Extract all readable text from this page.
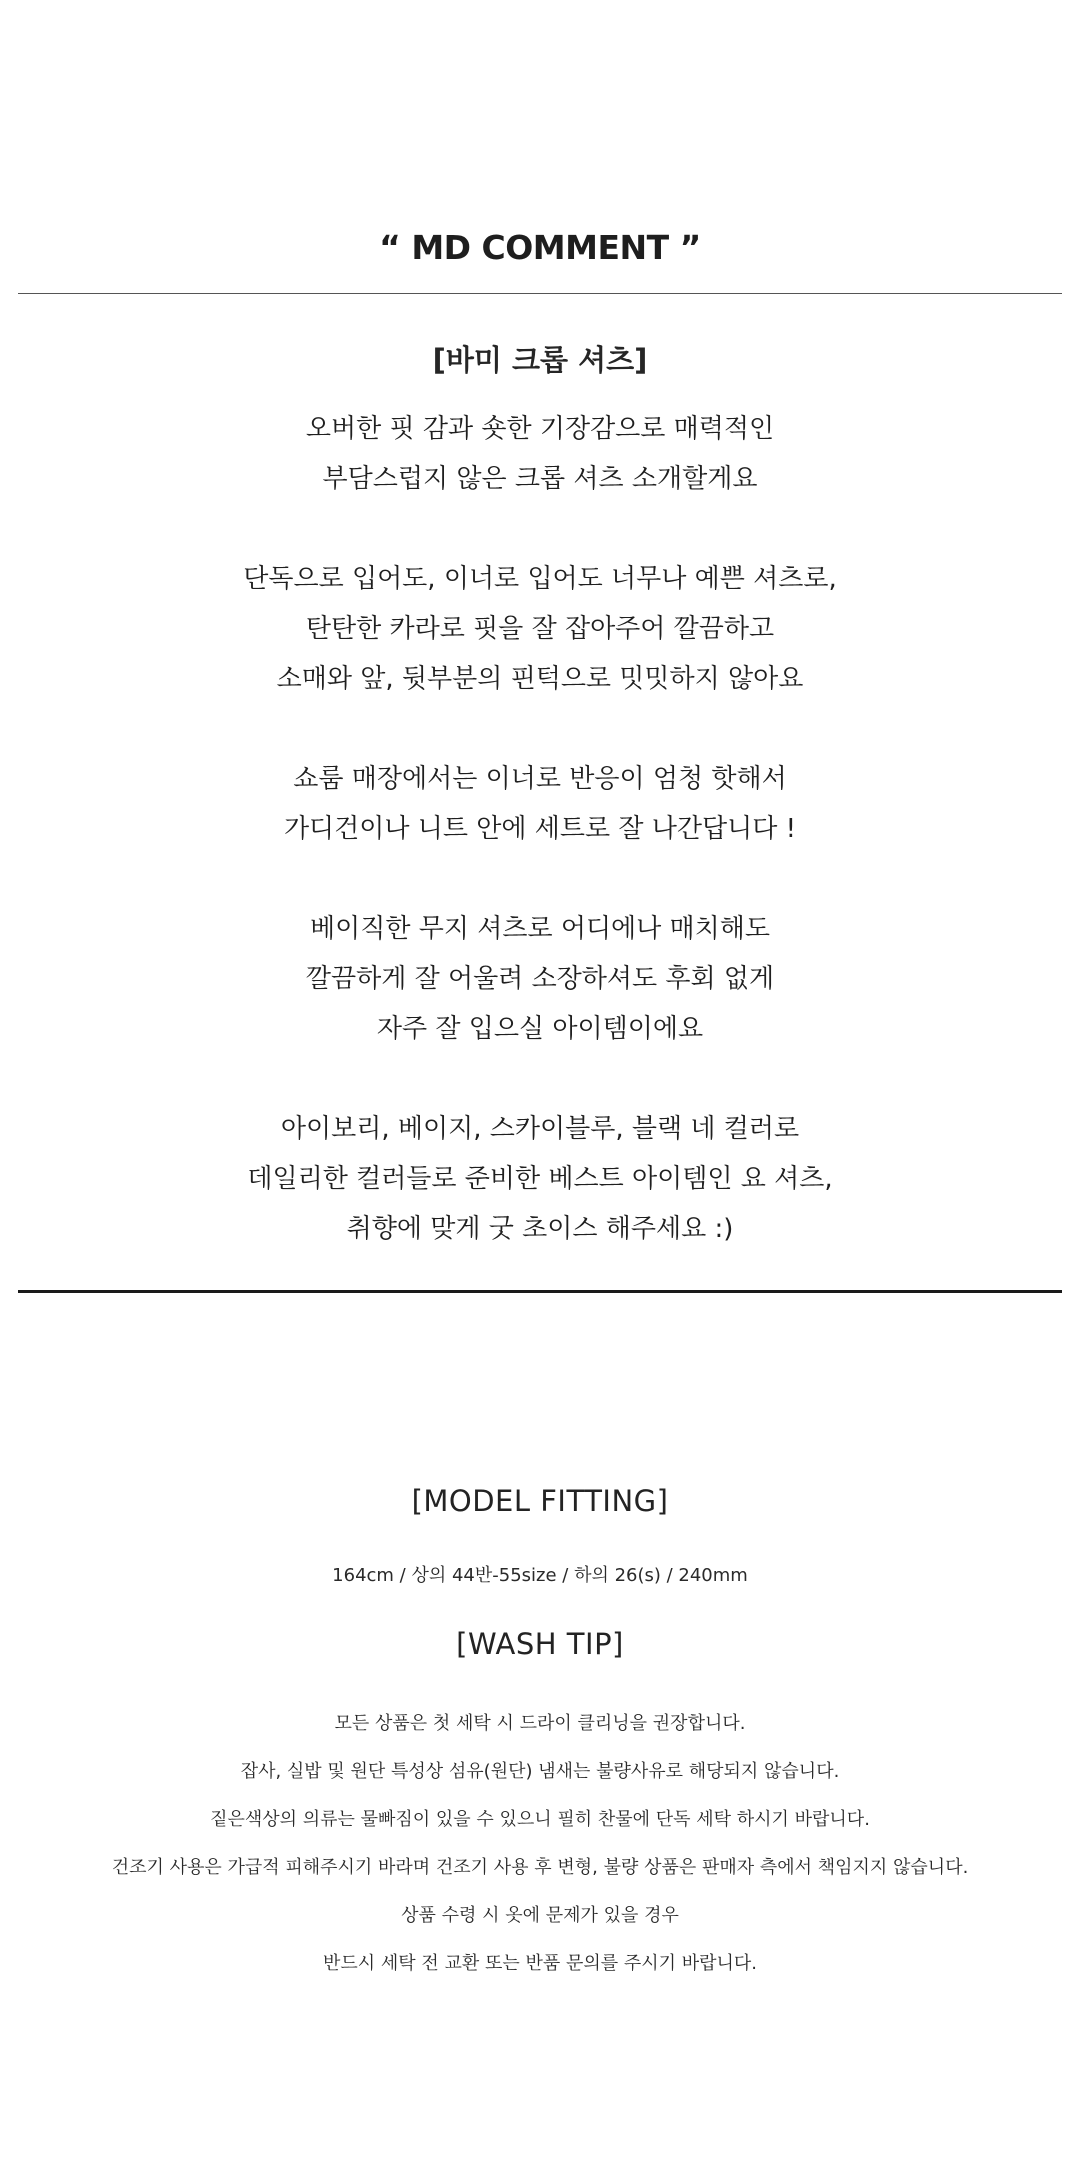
“ MD COMMENT ”
[바미 크롭 셔츠]
오버한 핏 감과 숏한 기장감으로 매력적인
부담스럽지 않은 크롭 셔츠 소개할게요
단독으로 입어도, 이너로 입어도 너무나 예쁜 셔츠로,
탄탄한 카라로 핏을 잘 잡아주어 깔끔하고
소매와 앞, 뒷부분의 핀턱으로 밋밋하지 않아요
쇼룸 매장에서는 이너로 반응이 엄청 핫해서
가디건이나 니트 안에 세트로 잘 나간답니다 !
베이직한 무지 셔츠로 어디에나 매치해도
깔끔하게 잘 어울려 소장하셔도 후회 없게
자주 잘 입으실 아이템이에요
아이보리, 베이지, 스카이블루, 블랙 네 컬러로
데일리한 컬러들로 준비한 베스트 아이템인 요 셔츠,
취향에 맞게 굿 초이스 해주세요 :)
[MODEL FITTING]
164cm / 상의 44반-55size / 하의 26(s) / 240mm
[WASH TIP]
모든 상품은 첫 세탁 시 드라이 클리닝을 권장합니다.
잡사, 실밥 및 원단 특성상 섬유(원단) 냄새는 불량사유로 해당되지 않습니다.
짙은색상의 의류는 물빠짐이 있을 수 있으니 필히 찬물에 단독 세탁 하시기 바랍니다.
건조기 사용은 가급적 피해주시기 바라며 건조기 사용 후 변형, 불량 상품은 판매자 측에서 책임지지 않습니다.
상품 수령 시 옷에 문제가 있을 경우
반드시 세탁 전 교환 또는 반품 문의를 주시기 바랍니다.
